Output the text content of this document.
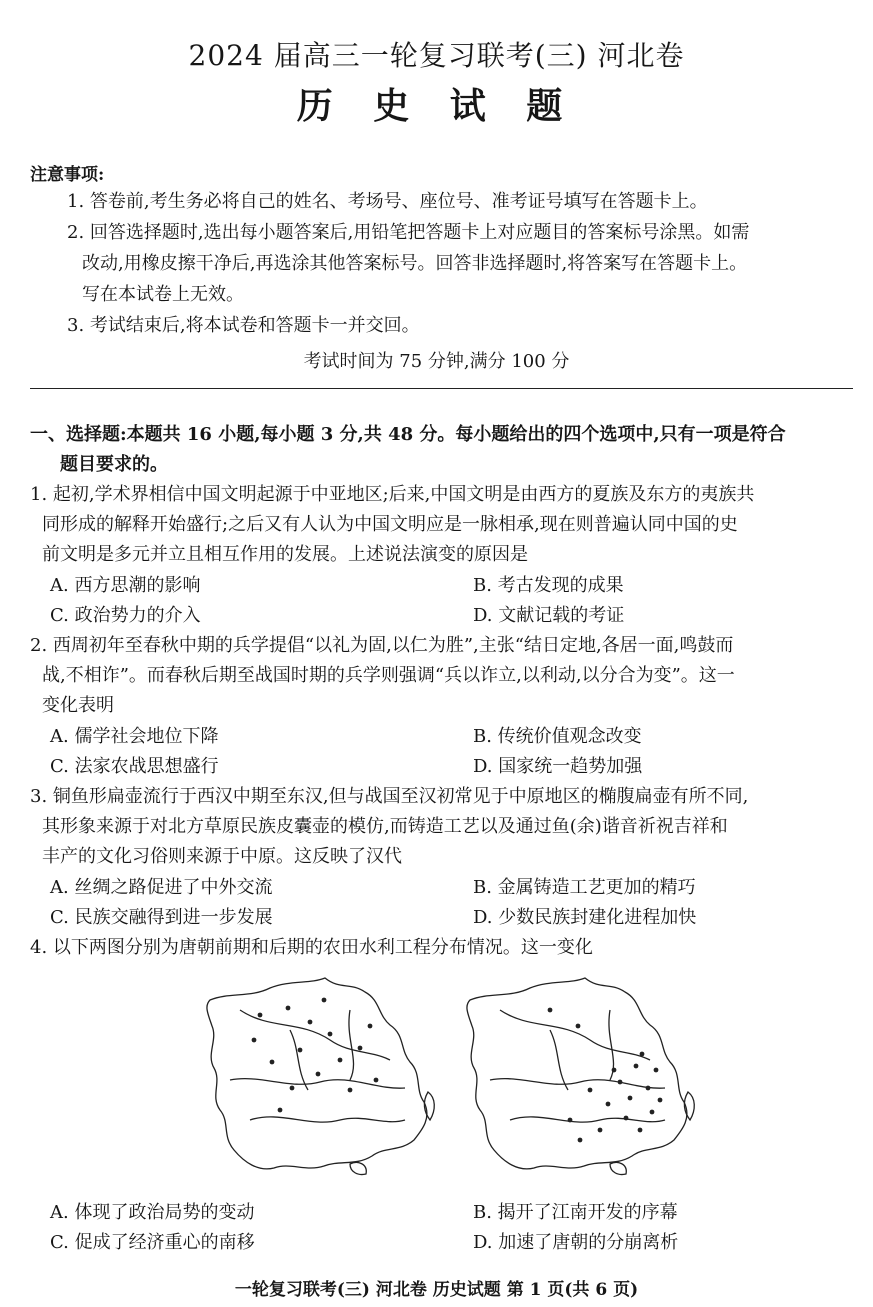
2024 届高三一轮复习联考(三) 河北卷
历 史 试 题
注意事项:
1. 答卷前,考生务必将自己的姓名、考场号、座位号、准考证号填写在答题卡上。
2. 回答选择题时,选出每小题答案后,用铅笔把答题卡上对应题目的答案标号涂黑。如需
改动,用橡皮擦干净后,再选涂其他答案标号。回答非选择题时,将答案写在答题卡上。
写在本试卷上无效。
3. 考试结束后,将本试卷和答题卡一并交回。
考试时间为 75 分钟,满分 100 分
一、选择题:本题共 16 小题,每小题 3 分,共 48 分。每小题给出的四个选项中,只有一项是符合
题目要求的。
1. 起初,学术界相信中国文明起源于中亚地区;后来,中国文明是由西方的夏族及东方的夷族共
同形成的解释开始盛行;之后又有人认为中国文明应是一脉相承,现在则普遍认同中国的史
前文明是多元并立且相互作用的发展。上述说法演变的原因是
A. 西方思潮的影响	B. 考古发现的成果
C. 政治势力的介入	D. 文献记载的考证
2. 西周初年至春秋中期的兵学提倡“以礼为固,以仁为胜”,主张“结日定地,各居一面,鸣鼓而
战,不相诈”。而春秋后期至战国时期的兵学则强调“兵以诈立,以利动,以分合为变”。这一
变化表明
A. 儒学社会地位下降	B. 传统价值观念改变
C. 法家农战思想盛行	D. 国家统一趋势加强
3. 铜鱼形扁壶流行于西汉中期至东汉,但与战国至汉初常见于中原地区的椭腹扁壶有所不同,
其形象来源于对北方草原民族皮囊壶的模仿,而铸造工艺以及通过鱼(余)谐音祈祝吉祥和
丰产的文化习俗则来源于中原。这反映了汉代
A. 丝绸之路促进了中外交流	B. 金属铸造工艺更加的精巧
C. 民族交融得到进一步发展	D. 少数民族封建化进程加快
4. 以下两图分别为唐朝前期和后期的农田水利工程分布情况。这一变化
A. 体现了政治局势的变动	B. 揭开了江南开发的序幕
C. 促成了经济重心的南移	D. 加速了唐朝的分崩离析
一轮复习联考(三) 河北卷 历史试题 第 1 页(共 6 页)
